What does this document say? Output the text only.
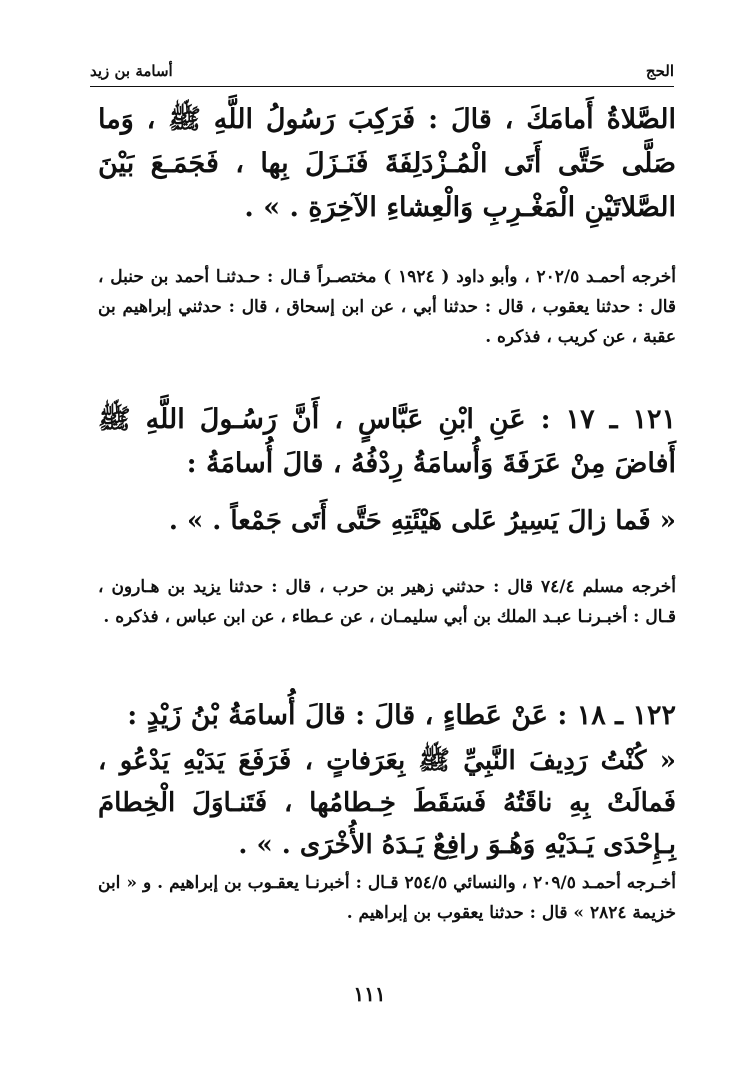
الحج
أسامة بن زيد
الصَّلاةُ أَمامَكَ ، قالَ : فَرَكِبَ رَسُولُ اللَّهِ ﷺ ، وَما صَلَّى حَتَّى أَتَى الْمُـزْدَلِفَةَ فَنَـزَلَ بِها ، فَجَمَـعَ بَيْنَ الصَّلاتَيْنِ الْمَغْـرِبِ وَالْعِشاءِ الآخِرَةِ . » .
أخرجه أحمـد ٢٠٢/٥ ، وأبو داود ( ١٩٢٤ ) مختصـراً قـال : حـدثنـا أحمد بن حنبل ، قال : حدثنا يعقوب ، قال : حدثنا أبي ، عن ابن إسحاق ، قال : حدثني إبراهيم بن عقبة ، عن كريب ، فذكره .
١٢١ ـ ١٧ : عَنِ ابْنِ عَبَّاسٍ ، أَنَّ رَسُـولَ اللَّهِ ﷺ أَفاضَ مِنْ عَرَفَةَ وَأُسامَةُ رِدْفُهُ ، قالَ أُسامَةُ :
« فَما زالَ يَسِيرُ عَلى هَيْئَتِهِ حَتَّى أَتَى جَمْعاً . » .
أخرجه مسلم ٧٤/٤ قال : حدثني زهير بن حرب ، قال : حدثنا يزيد بن هـارون ، قـال : أخبـرنـا عبـد الملك بن أبي سليمـان ، عن عـطاء ، عن ابن عباس ، فذكره .
١٢٢ ـ ١٨ : عَنْ عَطاءٍ ، قالَ : قالَ أُسامَةُ بْنُ زَيْدٍ :
« كُنْتُ رَدِيفَ النَّبِيِّ ﷺ بِعَرَفاتٍ ، فَرَفَعَ يَدَيْهِ يَدْعُو ، فَمالَتْ بِهِ ناقَتُهُ فَسَقَطَ خِـطامُها ، فَتَنـاوَلَ الْخِطامَ بِـإِحْدَى يَـدَيْهِ وَهُـوَ رافِعٌ يَـدَهُ الأُخْرَى . » .
أخـرجه أحمـد ٢٠٩/٥ ، والنسائي ٢٥٤/٥ قـال : أخبرنـا يعقـوب بن إبراهيم . و « ابن خزيمة ٢٨٢٤ » قال : حدثنا يعقوب بن إبراهيم .
١١١
